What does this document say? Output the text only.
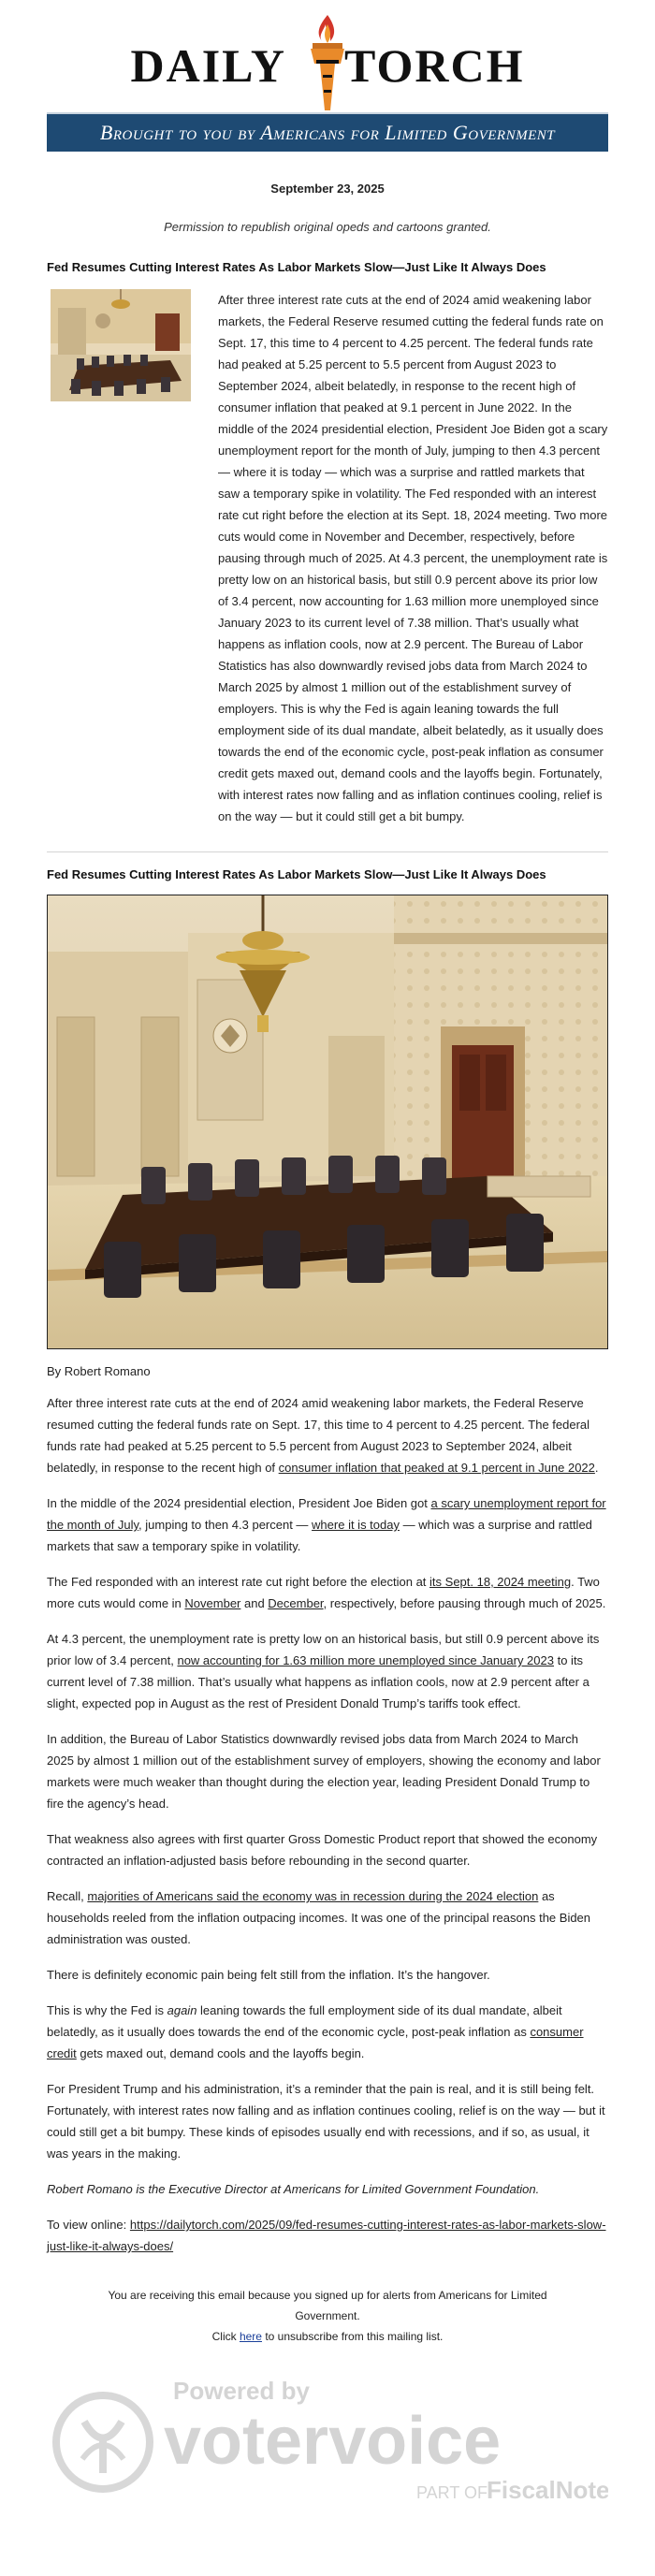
DAILY TORCH
Brought to you by Americans for Limited Government
September 23, 2025
Permission to republish original opeds and cartoons granted.
Fed Resumes Cutting Interest Rates As Labor Markets Slow—Just Like It Always Does

After three interest rate cuts at the end of 2024 amid weakening labor markets, the Federal Reserve resumed cutting the federal funds rate on Sept. 17, this time to 4 percent to 4.25 percent. The federal funds rate had peaked at 5.25 percent to 5.5 percent from August 2023 to September 2024, albeit belatedly, in response to the recent high of consumer inflation that peaked at 9.1 percent in June 2022. In the middle of the 2024 presidential election, President Joe Biden got a scary unemployment report for the month of July, jumping to then 4.3 percent — where it is today — which was a surprise and rattled markets that saw a temporary spike in volatility. The Fed responded with an interest rate cut right before the election at its Sept. 18, 2024 meeting. Two more cuts would come in November and December, respectively, before pausing through much of 2025. At 4.3 percent, the unemployment rate is pretty low on an historical basis, but still 0.9 percent above its prior low of 3.4 percent, now accounting for 1.63 million more unemployed since January 2023 to its current level of 7.38 million. That’s usually what happens as inflation cools, now at 2.9 percent. The Bureau of Labor Statistics has also downwardly revised jobs data from March 2024 to March 2025 by almost 1 million out of the establishment survey of employers. This is why the Fed is again leaning towards the full employment side of its dual mandate, albeit belatedly, as it usually does towards the end of the economic cycle, post-peak inflation as consumer credit gets maxed out, demand cools and the layoffs begin. Fortunately, with interest rates now falling and as inflation continues cooling, relief is on the way — but it could still get a bit bumpy.

Fed Resumes Cutting Interest Rates As Labor Markets Slow—Just Like It Always Does
By Robert Romano

After three interest rate cuts at the end of 2024 amid weakening labor markets, the Federal Reserve resumed cutting the federal funds rate on Sept. 17, this time to 4 percent to 4.25 percent. The federal funds rate had peaked at 5.25 percent to 5.5 percent from August 2023 to September 2024, albeit belatedly, in response to the recent high of consumer inflation that peaked at 9.1 percent in June 2022.

In the middle of the 2024 presidential election, President Joe Biden got a scary unemployment report for the month of July, jumping to then 4.3 percent — where it is today — which was a surprise and rattled markets that saw a temporary spike in volatility.

The Fed responded with an interest rate cut right before the election at its Sept. 18, 2024 meeting. Two more cuts would come in November and December, respectively, before pausing through much of 2025.

At 4.3 percent, the unemployment rate is pretty low on an historical basis, but still 0.9 percent above its prior low of 3.4 percent, now accounting for 1.63 million more unemployed since January 2023 to its current level of 7.38 million. That’s usually what happens as inflation cools, now at 2.9 percent after a slight, expected pop in August as the rest of President Donald Trump’s tariffs took effect.

In addition, the Bureau of Labor Statistics downwardly revised jobs data from March 2024 to March 2025 by almost 1 million out of the establishment survey of employers, showing the economy and labor markets were much weaker than thought during the election year, leading President Donald Trump to fire the agency’s head.

That weakness also agrees with first quarter Gross Domestic Product report that showed the economy contracted an inflation-adjusted basis before rebounding in the second quarter.

Recall, majorities of Americans said the economy was in recession during the 2024 election as households reeled from the inflation outpacing incomes. It was one of the principal reasons the Biden administration was ousted.

There is definitely economic pain being felt still from the inflation. It’s the hangover.

This is why the Fed is again leaning towards the full employment side of its dual mandate, albeit belatedly, as it usually does towards the end of the economic cycle, post-peak inflation as consumer credit gets maxed out, demand cools and the layoffs begin.

For President Trump and his administration, it’s a reminder that the pain is real, and it is still being felt. Fortunately, with interest rates now falling and as inflation continues cooling, relief is on the way — but it could still get a bit bumpy. These kinds of episodes usually end with recessions, and if so, as usual, it was years in the making.

Robert Romano is the Executive Director at Americans for Limited Government Foundation.

To view online: https://dailytorch.com/2025/09/fed-resumes-cutting-interest-rates-as-labor-markets-slow-just-like-it-always-does/

You are receiving this email because you signed up for alerts from Americans for Limited Government.
Click here to unsubscribe from this mailing list.
Powered by
votervoice
PART OF
FiscalNote
